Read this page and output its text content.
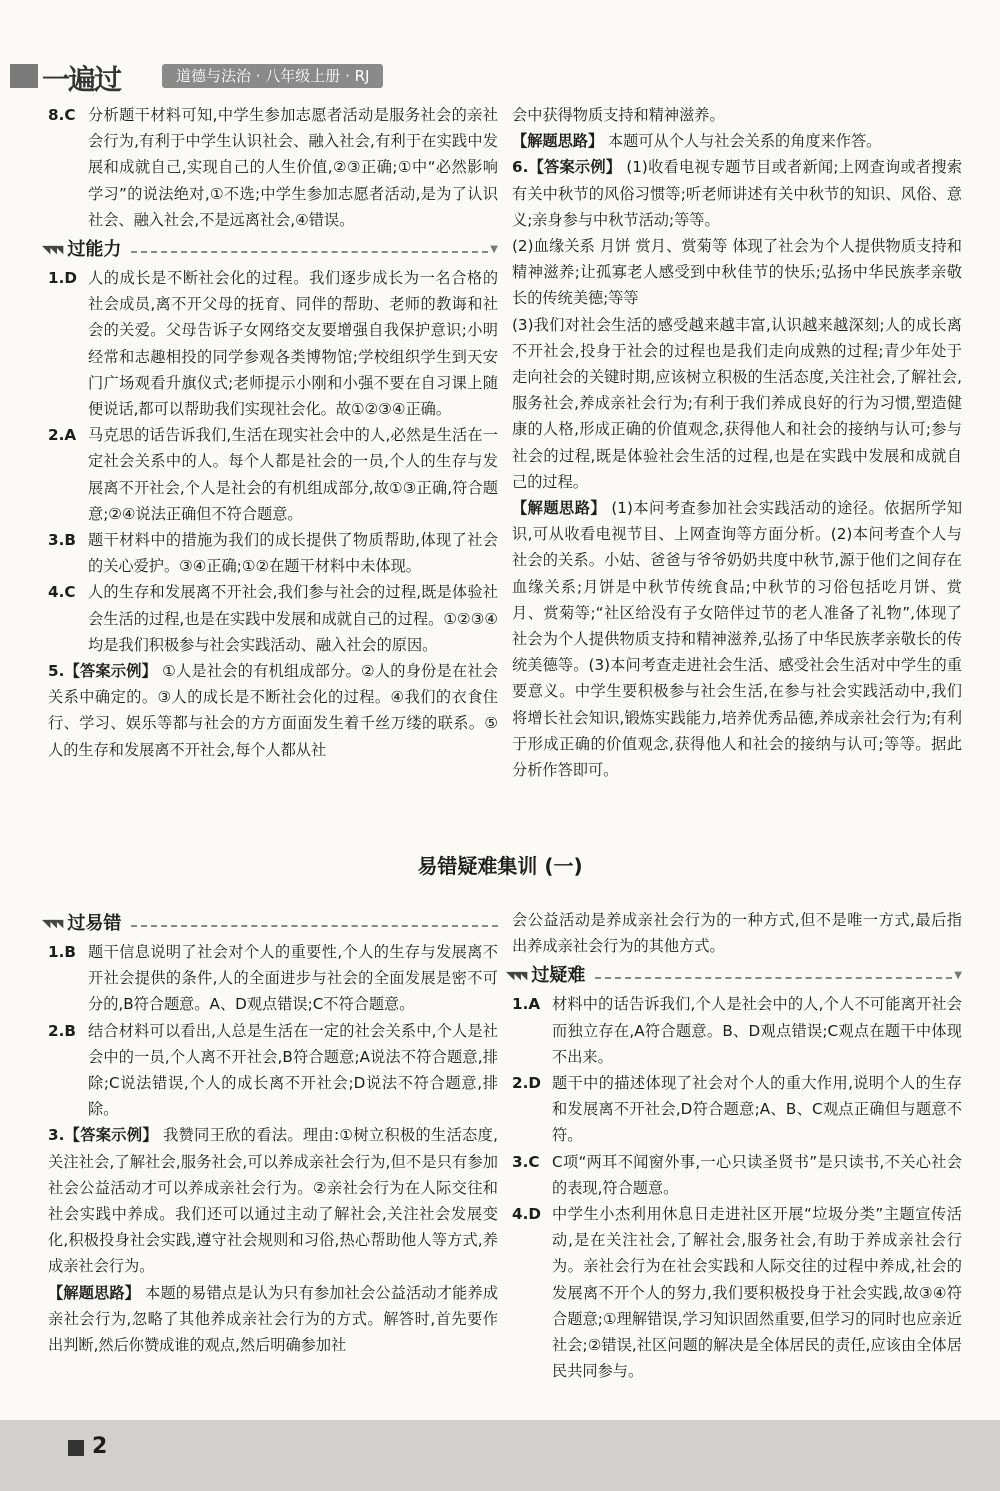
一遍过	道德与法治 · 八年级上册 · RJ
8.C 分析题干材料可知,中学生参加志愿者活动是服务社会的亲社会行为,有利于中学生认识社会、融入社会,有利于在实践中发展和成就自己,实现自己的人生价值,②③正确;①中“必然影响学习”的说法绝对,①不选;中学生参加志愿者活动,是为了认识社会、融入社会,不是远离社会,④错误。
◥◥◥ 过能力	▼
1.D 人的成长是不断社会化的过程。我们逐步成长为一名合格的社会成员,离不开父母的抚育、同伴的帮助、老师的教诲和社会的关爱。父母告诉子女网络交友要增强自我保护意识;小明经常和志趣相投的同学参观各类博物馆;学校组织学生到天安门广场观看升旗仪式;老师提示小刚和小强不要在自习课上随便说话,都可以帮助我们实现社会化。故①②③④正确。
2.A 马克思的话告诉我们,生活在现实社会中的人,必然是生活在一定社会关系中的人。每个人都是社会的一员,个人的生存与发展离不开社会,个人是社会的有机组成部分,故①③正确,符合题意;②④说法正确但不符合题意。
3.B 题干材料中的措施为我们的成长提供了物质帮助,体现了社会的关心爱护。③④正确;①②在题干材料中未体现。
4.C 人的生存和发展离不开社会,我们参与社会的过程,既是体验社会生活的过程,也是在实践中发展和成就自己的过程。①②③④均是我们积极参与社会实践活动、融入社会的原因。
5.【答案示例】 ①人是社会的有机组成部分。②人的身份是在社会关系中确定的。③人的成长是不断社会化的过程。④我们的衣食住行、学习、娱乐等都与社会的方方面面发生着千丝万缕的联系。⑤人的生存和发展离不开社会,每个人都从社
会中获得物质支持和精神滋养。
【解题思路】 本题可从个人与社会关系的角度来作答。
6.【答案示例】 (1)收看电视专题节目或者新闻;上网查询或者搜索有关中秋节的风俗习惯等;听老师讲述有关中秋节的知识、风俗、意义;亲身参与中秋节活动;等等。
(2)血缘关系 月饼 赏月、赏菊等 体现了社会为个人提供物质支持和精神滋养;让孤寡老人感受到中秋佳节的快乐;弘扬中华民族孝亲敬长的传统美德;等等
(3)我们对社会生活的感受越来越丰富,认识越来越深刻;人的成长离不开社会,投身于社会的过程也是我们走向成熟的过程;青少年处于走向社会的关键时期,应该树立积极的生活态度,关注社会,了解社会,服务社会,养成亲社会行为;有利于我们养成良好的行为习惯,塑造健康的人格,形成正确的价值观念,获得他人和社会的接纳与认可;参与社会的过程,既是体验社会生活的过程,也是在实践中发展和成就自己的过程。
【解题思路】 (1)本问考查参加社会实践活动的途径。依据所学知识,可从收看电视节目、上网查询等方面分析。(2)本问考查个人与社会的关系。小姑、爸爸与爷爷奶奶共度中秋节,源于他们之间存在血缘关系;月饼是中秋节传统食品;中秋节的习俗包括吃月饼、赏月、赏菊等;“社区给没有子女陪伴过节的老人准备了礼物”,体现了社会为个人提供物质支持和精神滋养,弘扬了中华民族孝亲敬长的传统美德等。(3)本问考查走进社会生活、感受社会生活对中学生的重要意义。中学生要积极参与社会生活,在参与社会实践活动中,我们将增长社会知识,锻炼实践能力,培养优秀品德,养成亲社会行为;有利于形成正确的价值观念,获得他人和社会的接纳与认可;等等。据此分析作答即可。
易错疑难集训 (一)
◥◥◥ 过易错
1.B 题干信息说明了社会对个人的重要性,个人的生存与发展离不开社会提供的条件,人的全面进步与社会的全面发展是密不可分的,B符合题意。A、D观点错误;C不符合题意。
2.B 结合材料可以看出,人总是生活在一定的社会关系中,个人是社会中的一员,个人离不开社会,B符合题意;A说法不符合题意,排除;C说法错误,个人的成长离不开社会;D说法不符合题意,排除。
3.【答案示例】 我赞同王欣的看法。理由:①树立积极的生活态度,关注社会,了解社会,服务社会,可以养成亲社会行为,但不是只有参加社会公益活动才可以养成亲社会行为。②亲社会行为在人际交往和社会实践中养成。我们还可以通过主动了解社会,关注社会发展变化,积极投身社会实践,遵守社会规则和习俗,热心帮助他人等方式,养成亲社会行为。
【解题思路】 本题的易错点是认为只有参加社会公益活动才能养成亲社会行为,忽略了其他养成亲社会行为的方式。解答时,首先要作出判断,然后你赞成谁的观点,然后明确参加社
会公益活动是养成亲社会行为的一种方式,但不是唯一方式,最后指出养成亲社会行为的其他方式。
◥◥◥ 过疑难	▼
1.A 材料中的话告诉我们,个人是社会中的人,个人不可能离开社会而独立存在,A符合题意。B、D观点错误;C观点在题干中体现不出来。
2.D 题干中的描述体现了社会对个人的重大作用,说明个人的生存和发展离不开社会,D符合题意;A、B、C观点正确但与题意不符。
3.C C项“两耳不闻窗外事,一心只读圣贤书”是只读书,不关心社会的表现,符合题意。
4.D 中学生小杰利用休息日走进社区开展“垃圾分类”主题宣传活动,是在关注社会,了解社会,服务社会,有助于养成亲社会行为。亲社会行为在社会实践和人际交往的过程中养成,社会的发展离不开个人的努力,我们要积极投身于社会实践,故③④符合题意;①理解错误,学习知识固然重要,但学习的同时也应亲近社会;②错误,社区问题的解决是全体居民的责任,应该由全体居民共同参与。
2
